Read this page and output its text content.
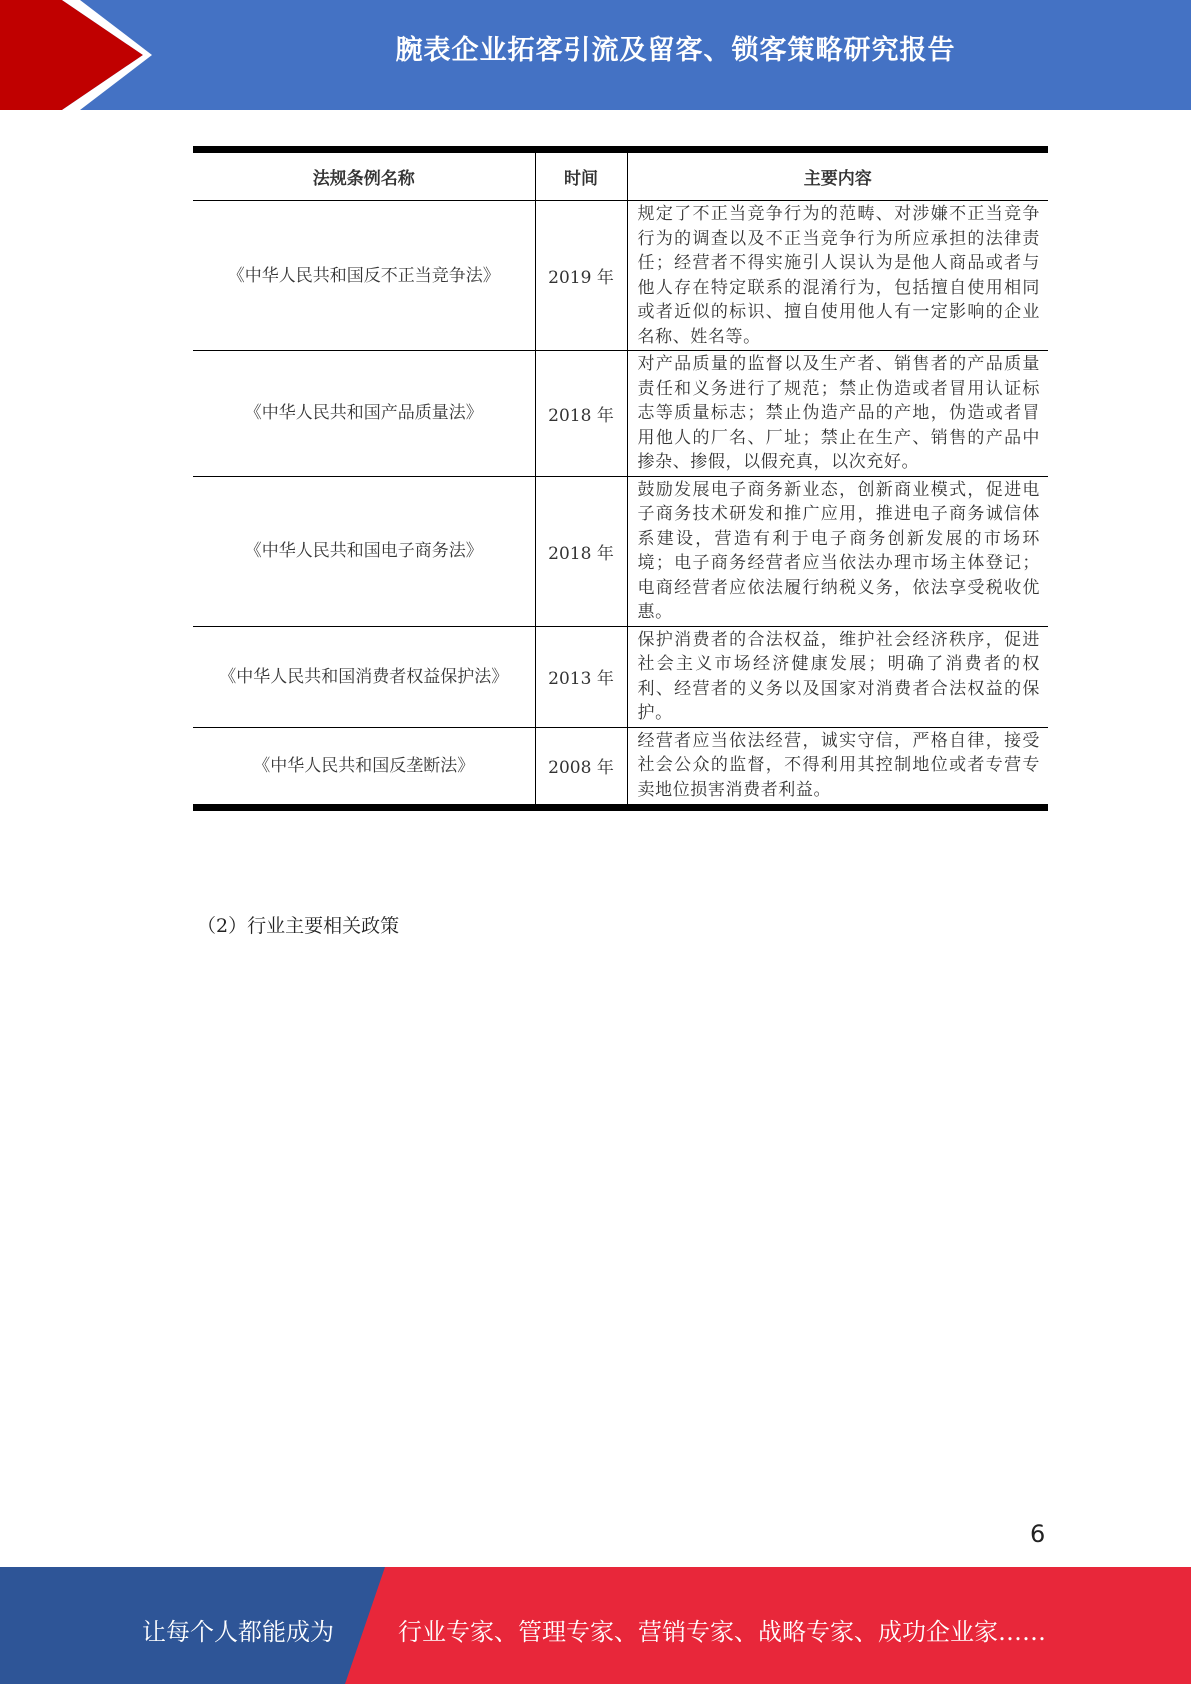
腕表企业拓客引流及留客、锁客策略研究报告
法规条例名称	时间	主要内容
《中华人民共和国反不正当竞争法》	2019 年	规定了不正当竞争行为的范畴、对涉嫌不正当竞争行为的调查以及不正当竞争行为所应承担的法律责任；经营者不得实施引人误认为是他人商品或者与他人存在特定联系的混淆行为，包括擅自使用相同或者近似的标识、擅自使用他人有一定影响的企业名称、姓名等。
《中华人民共和国产品质量法》	2018 年	对产品质量的监督以及生产者、销售者的产品质量责任和义务进行了规范；禁止伪造或者冒用认证标志等质量标志；禁止伪造产品的产地，伪造或者冒用他人的厂名、厂址；禁止在生产、销售的产品中掺杂、掺假，以假充真，以次充好。
《中华人民共和国电子商务法》	2018 年	鼓励发展电子商务新业态，创新商业模式，促进电子商务技术研发和推广应用，推进电子商务诚信体系建设，营造有利于电子商务创新发展的市场环境；电子商务经营者应当依法办理市场主体登记；电商经营者应依法履行纳税义务，依法享受税收优惠。
《中华人民共和国消费者权益保护法》	2013 年	保护消费者的合法权益，维护社会经济秩序，促进社会主义市场经济健康发展；明确了消费者的权利、经营者的义务以及国家对消费者合法权益的保护。
《中华人民共和国反垄断法》	2008 年	经营者应当依法经营，诚实守信，严格自律，接受社会公众的监督，不得利用其控制地位或者专营专卖地位损害消费者利益。
（2）行业主要相关政策
6
让每个人都能成为	行业专家、管理专家、营销专家、战略专家、成功企业家……
